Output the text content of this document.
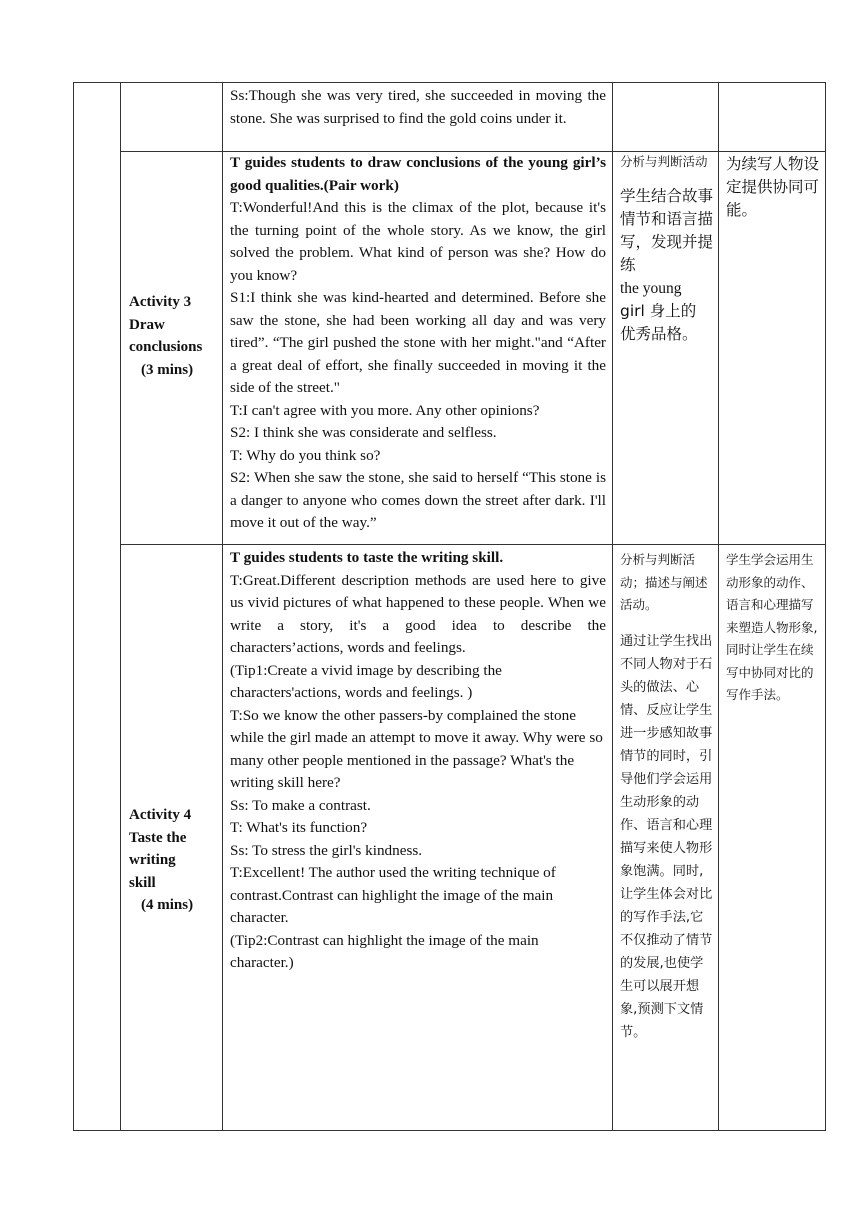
Ss:Though she was very tired, she succeeded in moving the stone. She was surprised to find the gold coins under it.

Activity 3
Draw
conclusions
(3 mins)

T guides students to draw conclusions of the young girl’s good qualities.(Pair work)

T:Wonderful!And this is the climax of the plot, because it's the turning point of the whole story. As we know, the girl solved the problem. What kind of person was she? How do you know?

S1:I think she was kind-hearted and determined. Before she saw the stone, she had been working all day and was very tired”. “The girl pushed the stone with her might."and “After a great deal of effort, she finally succeeded in moving it the side of the street."

T:I can't agree with you more. Any other opinions?

S2: I think she was considerate and selfless.

T: Why do you think so?

S2: When she saw the stone, she said to herself “This stone is a danger to anyone who comes down the street after dark. I'll move it out of the way.”

分析与判断活动
学生结合故事情节和语言描写，发现并提练
the young
girl 身上的
优秀品格。
为续写人物设定提供协同可能。
Activity 4
Taste the
writing
skill
(4 mins)

T guides students to taste the writing skill.

T:Great.Different description methods are used here to give us vivid pictures of what happened to these people. When we write a story, it's a good idea to describe the characters’actions, words and feelings.

(Tip1:Create a vivid image by describing the characters'actions, words and feelings. )

T:So we know the other passers-by complained the stone while the girl made an attempt to move it away. Why were so many other people mentioned in the passage? What's the writing skill here?

Ss: To make a contrast.

T: What's its function?

Ss: To stress the girl's kindness.

T:Excellent! The author used the writing technique of contrast.Contrast can highlight the image of the main character.

(Tip2:Contrast can highlight the image of the main character.)

分析与判断活动；描述与阐述活动。
通过让学生找出不同人物对于石头的做法、心情、反应让学生进一步感知故事情节的同时，引导他们学会运用生动形象的动作、语言和心理描写来使人物形象饱满。同时,让学生体会对比的写作手法,它不仅推动了情节的发展,也使学生可以展开想象,预测下文情节。
学生学会运用生动形象的动作、语言和心理描写来塑造人物形象,同时让学生在续写中协同对比的写作手法。
